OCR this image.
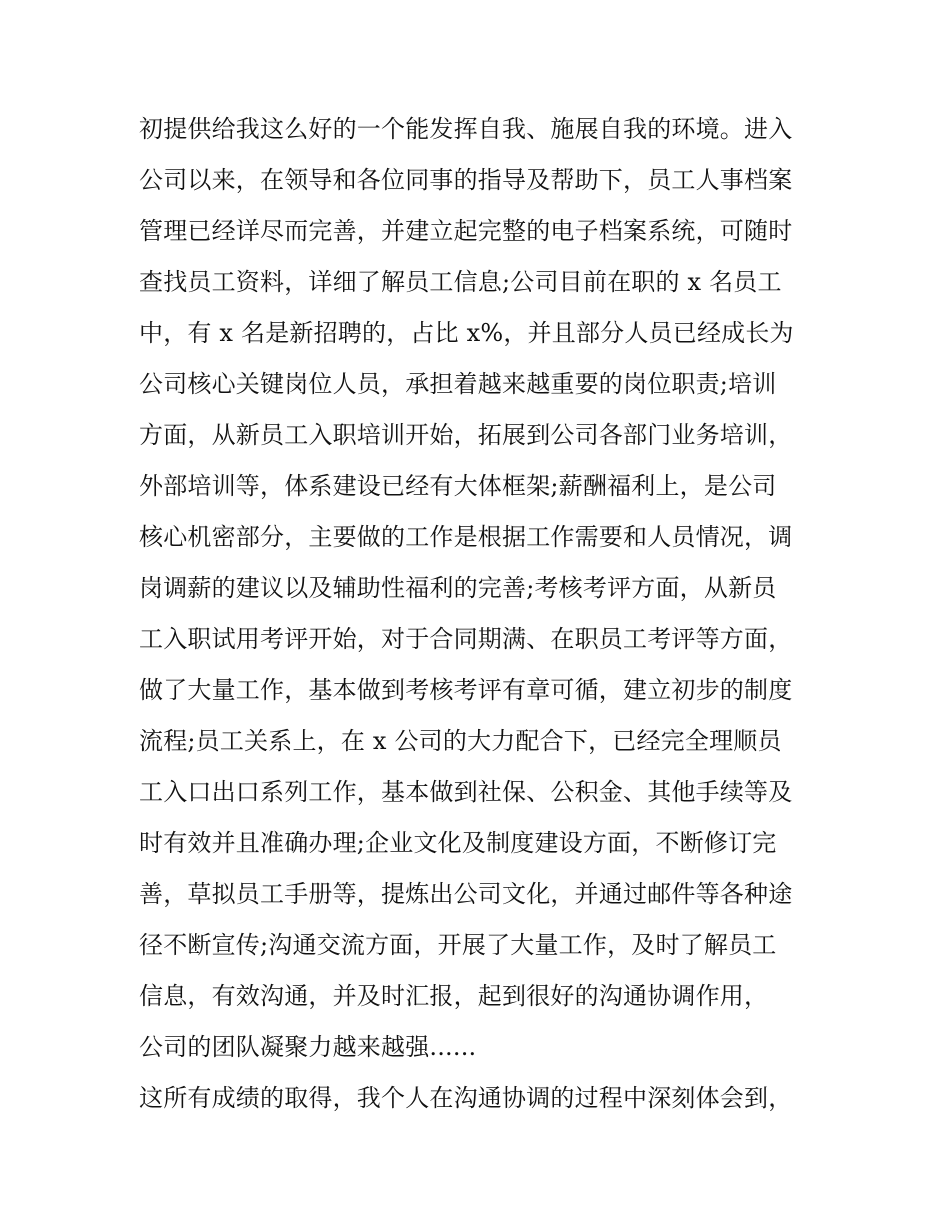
初提供给我这么好的一个能发挥自我、施展自我的环境。进入
公司以来，在领导和各位同事的指导及帮助下，员工人事档案
管理已经详尽而完善，并建立起完整的电子档案系统，可随时
查找员工资料，详细了解员工信息;公司目前在职的 x 名员工
中，有 x 名是新招聘的，占比 x%，并且部分人员已经成长为
公司核心关键岗位人员，承担着越来越重要的岗位职责;培训
方面，从新员工入职培训开始，拓展到公司各部门业务培训，
外部培训等，体系建设已经有大体框架;薪酬福利上，是公司
核心机密部分，主要做的工作是根据工作需要和人员情况，调
岗调薪的建议以及辅助性福利的完善;考核考评方面，从新员
工入职试用考评开始，对于合同期满、在职员工考评等方面，
做了大量工作，基本做到考核考评有章可循，建立初步的制度
流程;员工关系上，在 x 公司的大力配合下，已经完全理顺员
工入口出口系列工作，基本做到社保、公积金、其他手续等及
时有效并且准确办理;企业文化及制度建设方面，不断修订完
善，草拟员工手册等，提炼出公司文化，并通过邮件等各种途
径不断宣传;沟通交流方面，开展了大量工作，及时了解员工
信息，有效沟通，并及时汇报，起到很好的沟通协调作用，
公司的团队凝聚力越来越强......
这所有成绩的取得，我个人在沟通协调的过程中深刻体会到，
